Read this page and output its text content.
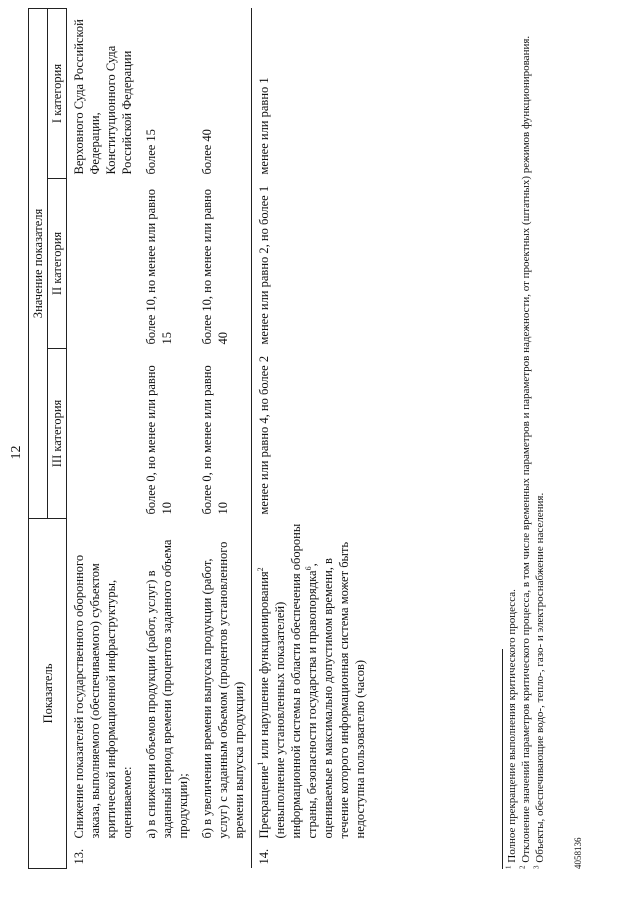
12
Показатель		Значение показателя		
		III категория	II категория	I категория
13.	Снижение показателей государственного оборонного заказа, выполняемого (обеспечиваемого) субъектом критической информационной инфраструктуры, оцениваемое:			Верховного Суда Российской Федерации, Конституционного Суда Российской Федерации
	а) в снижении объемов продукции (работ, услуг) в заданный период времени (процентов заданного объема продукции);	более 0, но менее или равно 10	более 10, но менее или равно 15	более 15
	б) в увеличении времени выпуска продукции (работ, услуг) с заданным объемом (процентов установленного времени выпуска продукции)	более 0, но менее или равно 10	более 10, но менее или равно 40	более 40
14.	Прекращение$^1$ или нарушение функционирования$^2$ (невыполнение установленных показателей) информационной системы в области обеспечения обороны страны, безопасности государства и правопорядка$^6$, оцениваемые в максимально допустимом времени, в течение которого информационная система может быть недоступна пользователю (часов)	менее или равно 4, но более 2	менее или равно 2, но более 1	менее или равно 1
$^1$ Полное прекращение выполнения критического процесса.
$^2$ Отклонение значений параметров критического процесса, в том числе временных параметров и параметров надежности, от проектных (штатных) режимов функционирования.
$^3$ Объекты, обеспечивающие водо-, тепло-, газо- и электроснабжение населения.	4058136
